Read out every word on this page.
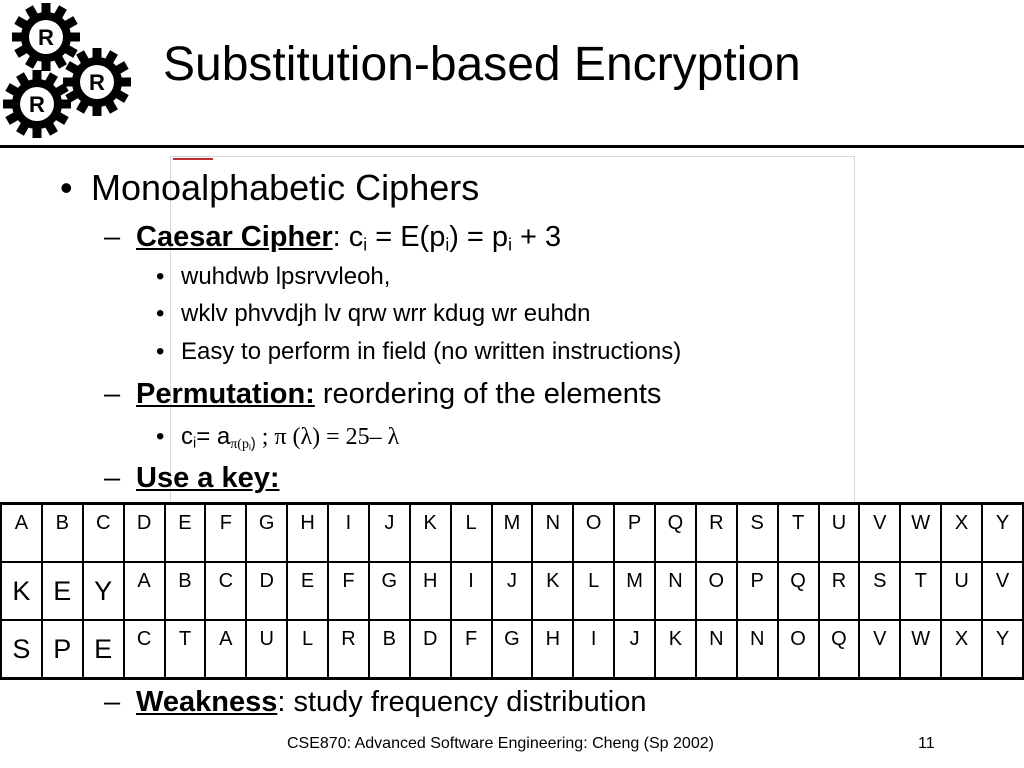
R
R
R
Substitution-based Encryption
• Monoalphabetic Ciphers
– Caesar Cipher: $c_i = E(p_i) = p_i + 3$
• wuhdwb lpsrvvleoh,
• wklv phvvdjh lv qrw wrr kdug wr euhdn
• Easy to perform in field (no written instructions)
– Permutation: reordering of the elements
• $c_i= a_{\pi(p_i)}$ ; π (λ) = 25– λ
– Use a key:
A	B	C	D	E	F	G	H	I	J	K	L	M	N	O	P	Q	R	S	T	U	V	W	X	Y
K	E	Y	A	B	C	D	E	F	G	H	I	J	K	L	M	N	O	P	Q	R	S	T	U	V
S	P	E	C	T	A	U	L	R	B	D	F	G	H	I	J	K	N	N	O	Q	V	W	X	Y
– Weakness: study frequency distribution
CSE870: Advanced Software Engineering: Cheng (Sp 2002)	11
